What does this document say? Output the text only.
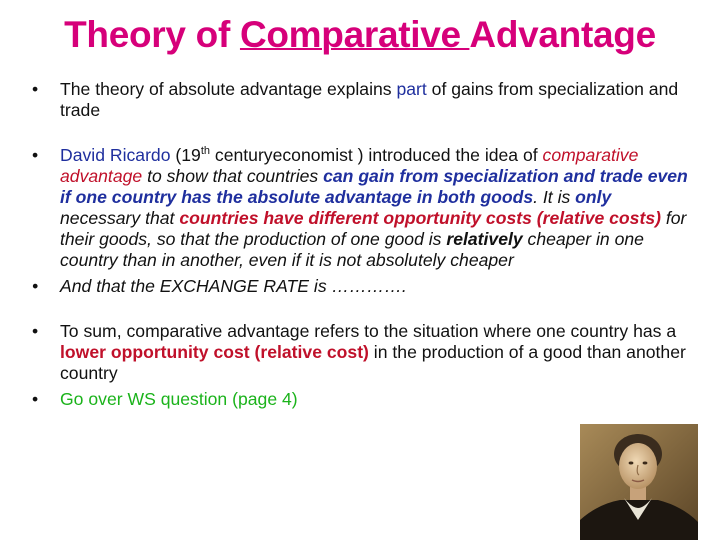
Theory of Comparative Advantage

• The theory of absolute advantage explains part of gains from specialization and trade

• David Ricardo (19th centuryeconomist ) introduced the idea of comparative advantage to show that countries can gain from specialization and trade even if one country has the absolute advantage in both goods. It is only necessary that countries have different opportunity costs (relative costs) for their goods, so that the production of one good is relatively cheaper in one country than in another, even if it is not absolutely cheaper

• And that the EXCHANGE RATE is ………….

• To sum, comparative advantage refers to the situation where one country has a lower opportunity cost (relative cost) in the production of a good than another country

• Go over WS question (page 4)
